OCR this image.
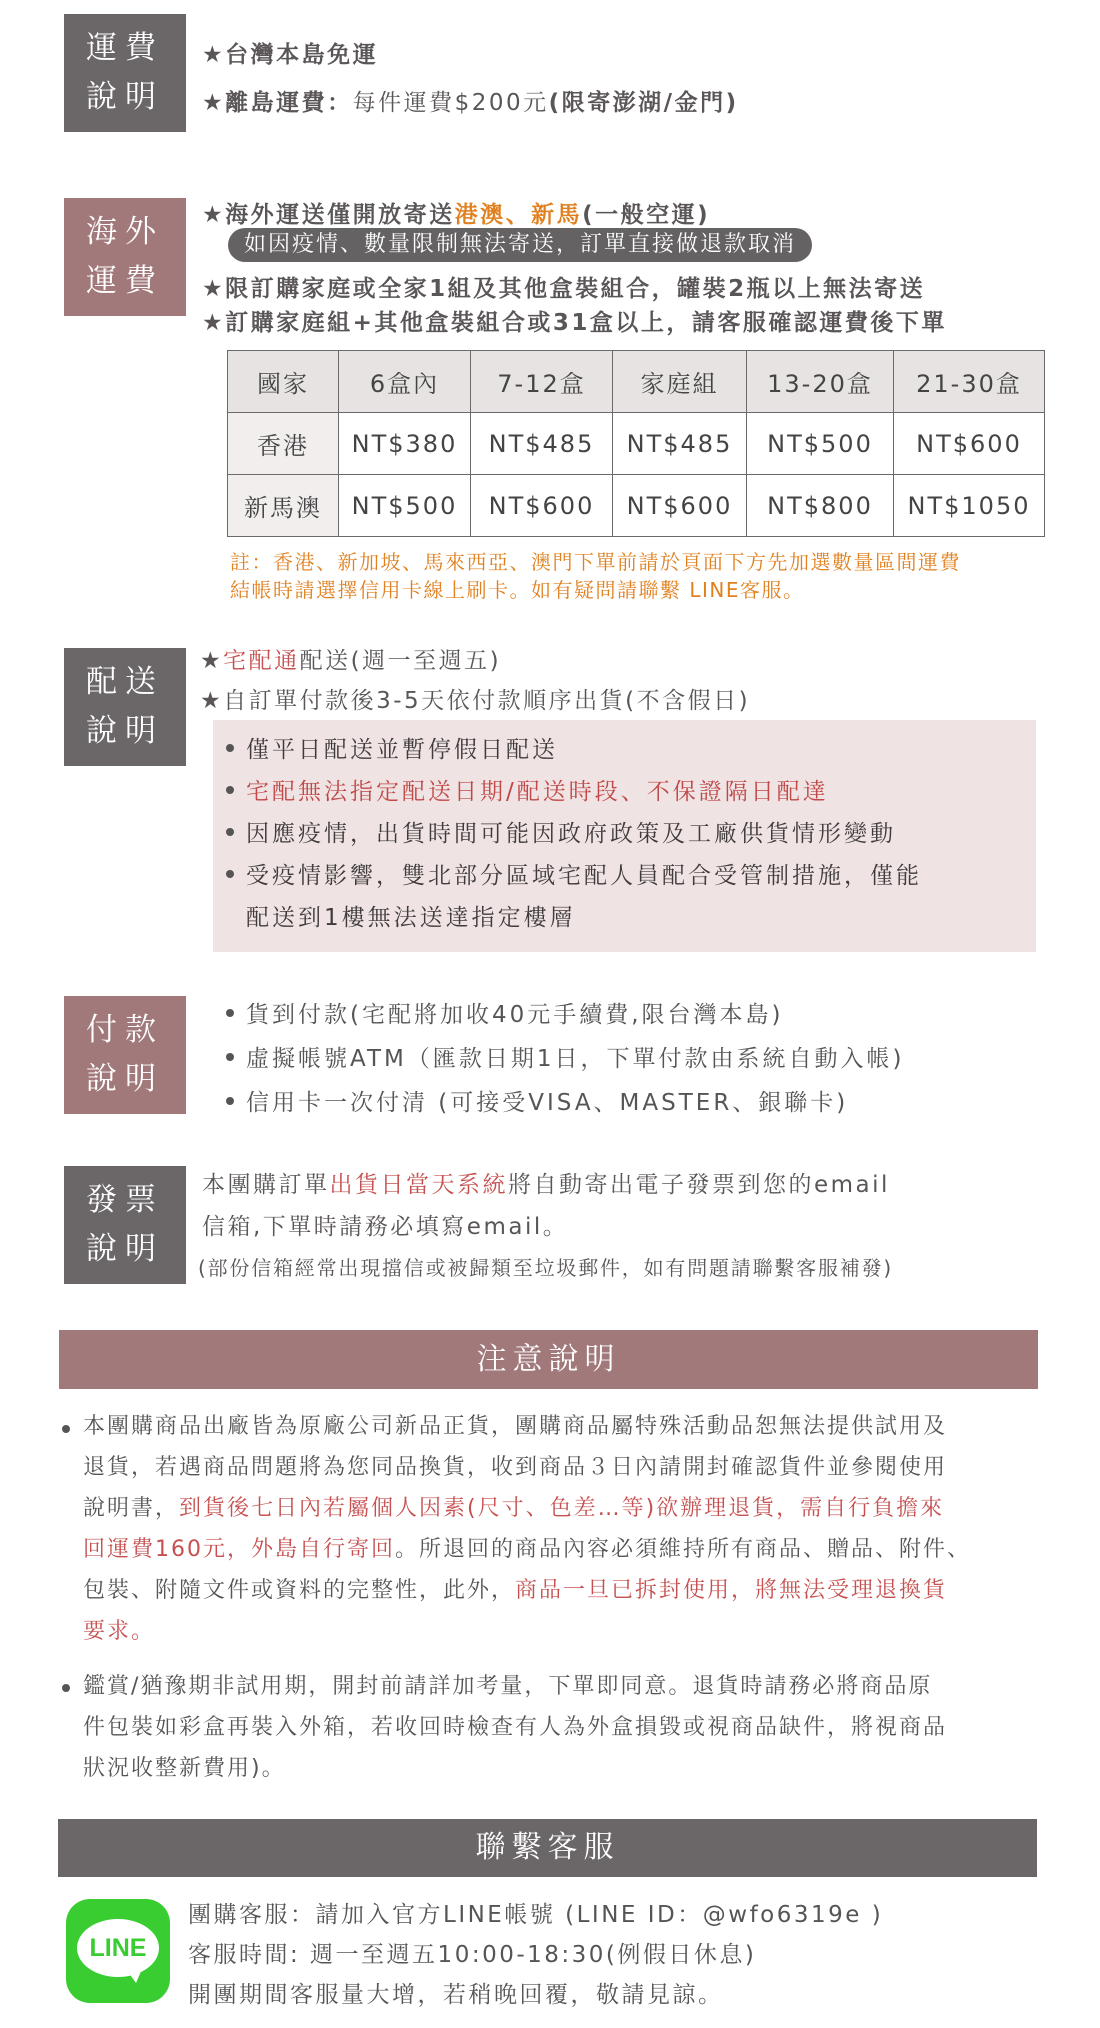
運費
說明
★台灣本島免運
★離島運費：每件運費$200元(限寄澎湖/金門)
海外
運費
★海外運送僅開放寄送港澳、新馬(一般空運)
如因疫情、數量限制無法寄送，訂單直接做退款取消
★限訂購家庭或全家1組及其他盒裝組合，罐裝2瓶以上無法寄送
★訂購家庭組+其他盒裝組合或31盒以上，請客服確認運費後下單
國家	6盒內	7-12盒	家庭組	13-20盒	21-30盒
香港	NT$380	NT$485	NT$485	NT$500	NT$600
新馬澳	NT$500	NT$600	NT$600	NT$800	NT$1050
註：香港、新加坡、馬來西亞、澳門下單前請於頁面下方先加選數量區間運費
結帳時請選擇信用卡線上刷卡。如有疑問請聯繫 LINE客服。
配送
說明
★宅配通配送(週一至週五)
★自訂單付款後3-5天依付款順序出貨(不含假日)
僅平日配送並暫停假日配送
宅配無法指定配送日期/配送時段、不保證隔日配達
因應疫情，出貨時間可能因政府政策及工廠供貨情形變動
受疫情影響，雙北部分區域宅配人員配合受管制措施，僅能
配送到1樓無法送達指定樓層
付款
說明
貨到付款(宅配將加收40元手續費,限台灣本島)
虛擬帳號ATM（匯款日期1日，下單付款由系統自動入帳)
信用卡一次付清 (可接受VISA、MASTER、銀聯卡)
發票
說明
本團購訂單出貨日當天系統將自動寄出電子發票到您的email
信箱,下單時請務必填寫email。
(部份信箱經常出現擋信或被歸類至垃圾郵件，如有問題請聯繫客服補發)
注意說明
本團購商品出廠皆為原廠公司新品正貨，團購商品屬特殊活動品恕無法提供試用及
退貨，若遇商品問題將為您同品換貨，收到商品３日內請開封確認貨件並參閱使用
說明書，到貨後七日內若屬個人因素(尺寸、色差…等)欲辦理退貨，需自行負擔來
回運費160元，外島自行寄回。所退回的商品內容必須維持所有商品、贈品、附件、
包裝、附隨文件或資料的完整性，此外，商品一旦已拆封使用，將無法受理退換貨
要求。
鑑賞/猶豫期非試用期，開封前請詳加考量，下單即同意。退貨時請務必將商品原
件包裝如彩盒再裝入外箱，若收回時檢查有人為外盒損毀或視商品缺件，將視商品
狀況收整新費用)。
聯繫客服
LINE
團購客服：請加入官方LINE帳號 (LINE ID：@wfo6319e )
客服時間: 週一至週五10:00-18:30(例假日休息)
開團期間客服量大增，若稍晚回覆，敬請見諒。
